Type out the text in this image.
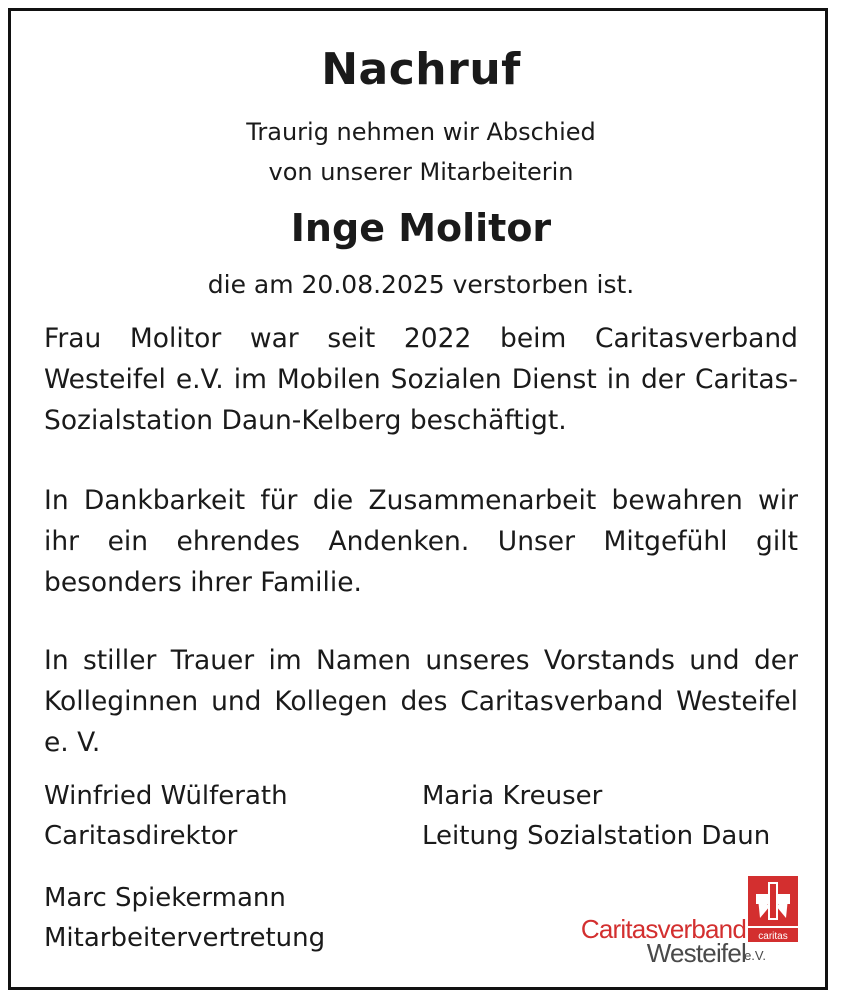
Nachruf
Traurig nehmen wir Abschied
von unserer Mitarbeiterin
Inge Molitor
die am 20.08.2025 verstorben ist.

Frau Molitor war seit 2022 beim Caritasverband Westeifel e.V. im Mobilen Sozialen Dienst in der Caritas-Sozialstation Daun-Kelberg beschäftigt.

In Dankbarkeit für die Zusammenarbeit bewahren wir ihr ein ehrendes Andenken. Unser Mitgefühl gilt besonders ihrer Familie.

In stiller Trauer im Namen unseres Vorstands und der Kolleginnen und Kollegen des Caritasverband Westeifel e. V.

Winfried Wülferath
Caritasdirektor
Maria Kreuser
Leitung Sozialstation Daun
Marc Spiekermann
Mitarbeitervertretung	Caritasverband
Westeifel
e.V.
caritas
